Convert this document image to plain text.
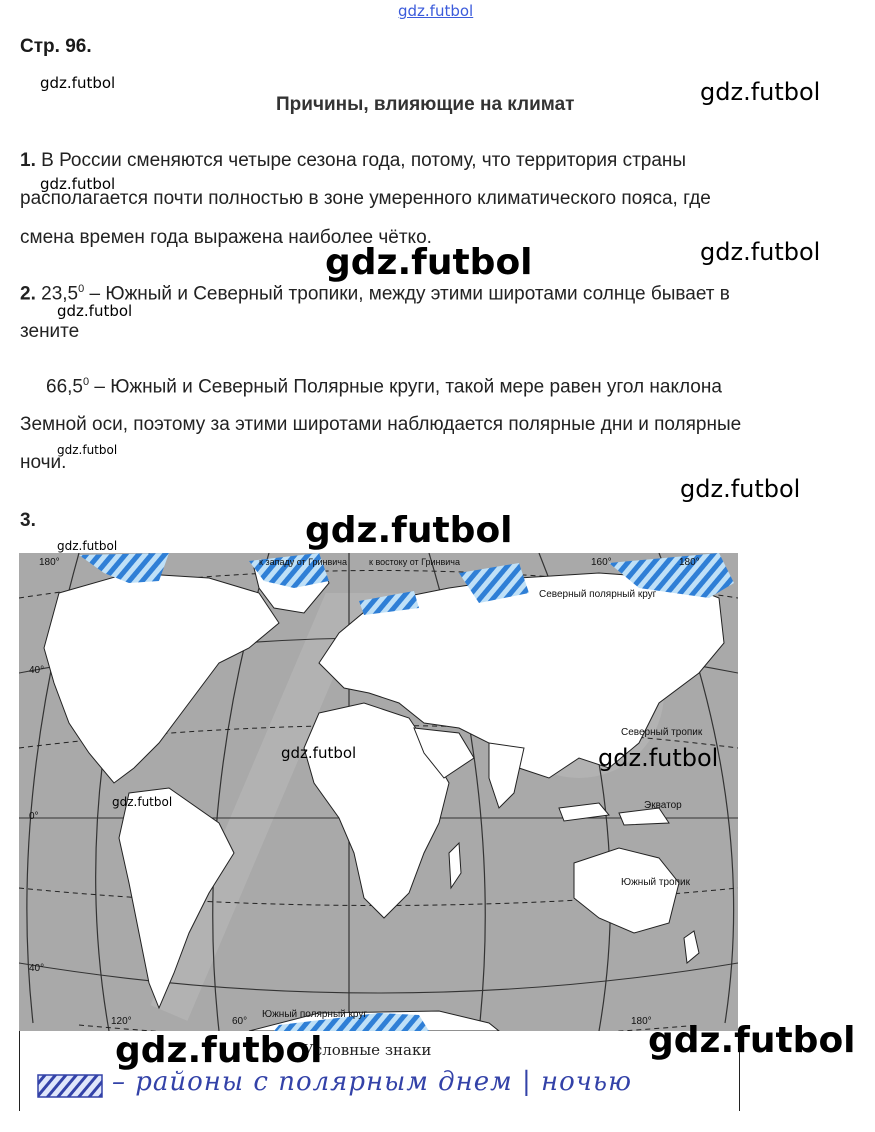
gdz.futbol
gdz.futbol	gdz.futbol
gdz.futbol
gdz.futbol
gdz.futbol
gdz.futbol
gdz.futbol
gdz.futbol
gdz.futbol
Стр. 96.
Причины, влияющие на климат
1. В России сменяются четыре сезона года, потому, что территория страны
располагается почти полностью в зоне умеренного климатического пояса, где
смена времен года выражена наиболее чётко.
2. 23,5$^0$ – Южный и Северный тропики, между этими широтами солнце бывает в
зените
66,5$^0$ – Южный и Северный Полярные круги, такой мере равен угол наклона
Земной оси, поэтому за этими широтами наблюдается полярные дни и полярные
ночи.
3.
gdz.futbol
180°	180°
160°
к западу от Гринвича к востоку от Гринвича
40°
0°
40°
120°	60°	180°
Северный полярный круг
Северный тропик
Экватор
Южный тропик
Южный полярный круг
gdz.futbol	gdz.futbol
gdz.futbol
Условные знаки
– районы с полярным днем | ночью
gdz.futbol	gdz.futbol
